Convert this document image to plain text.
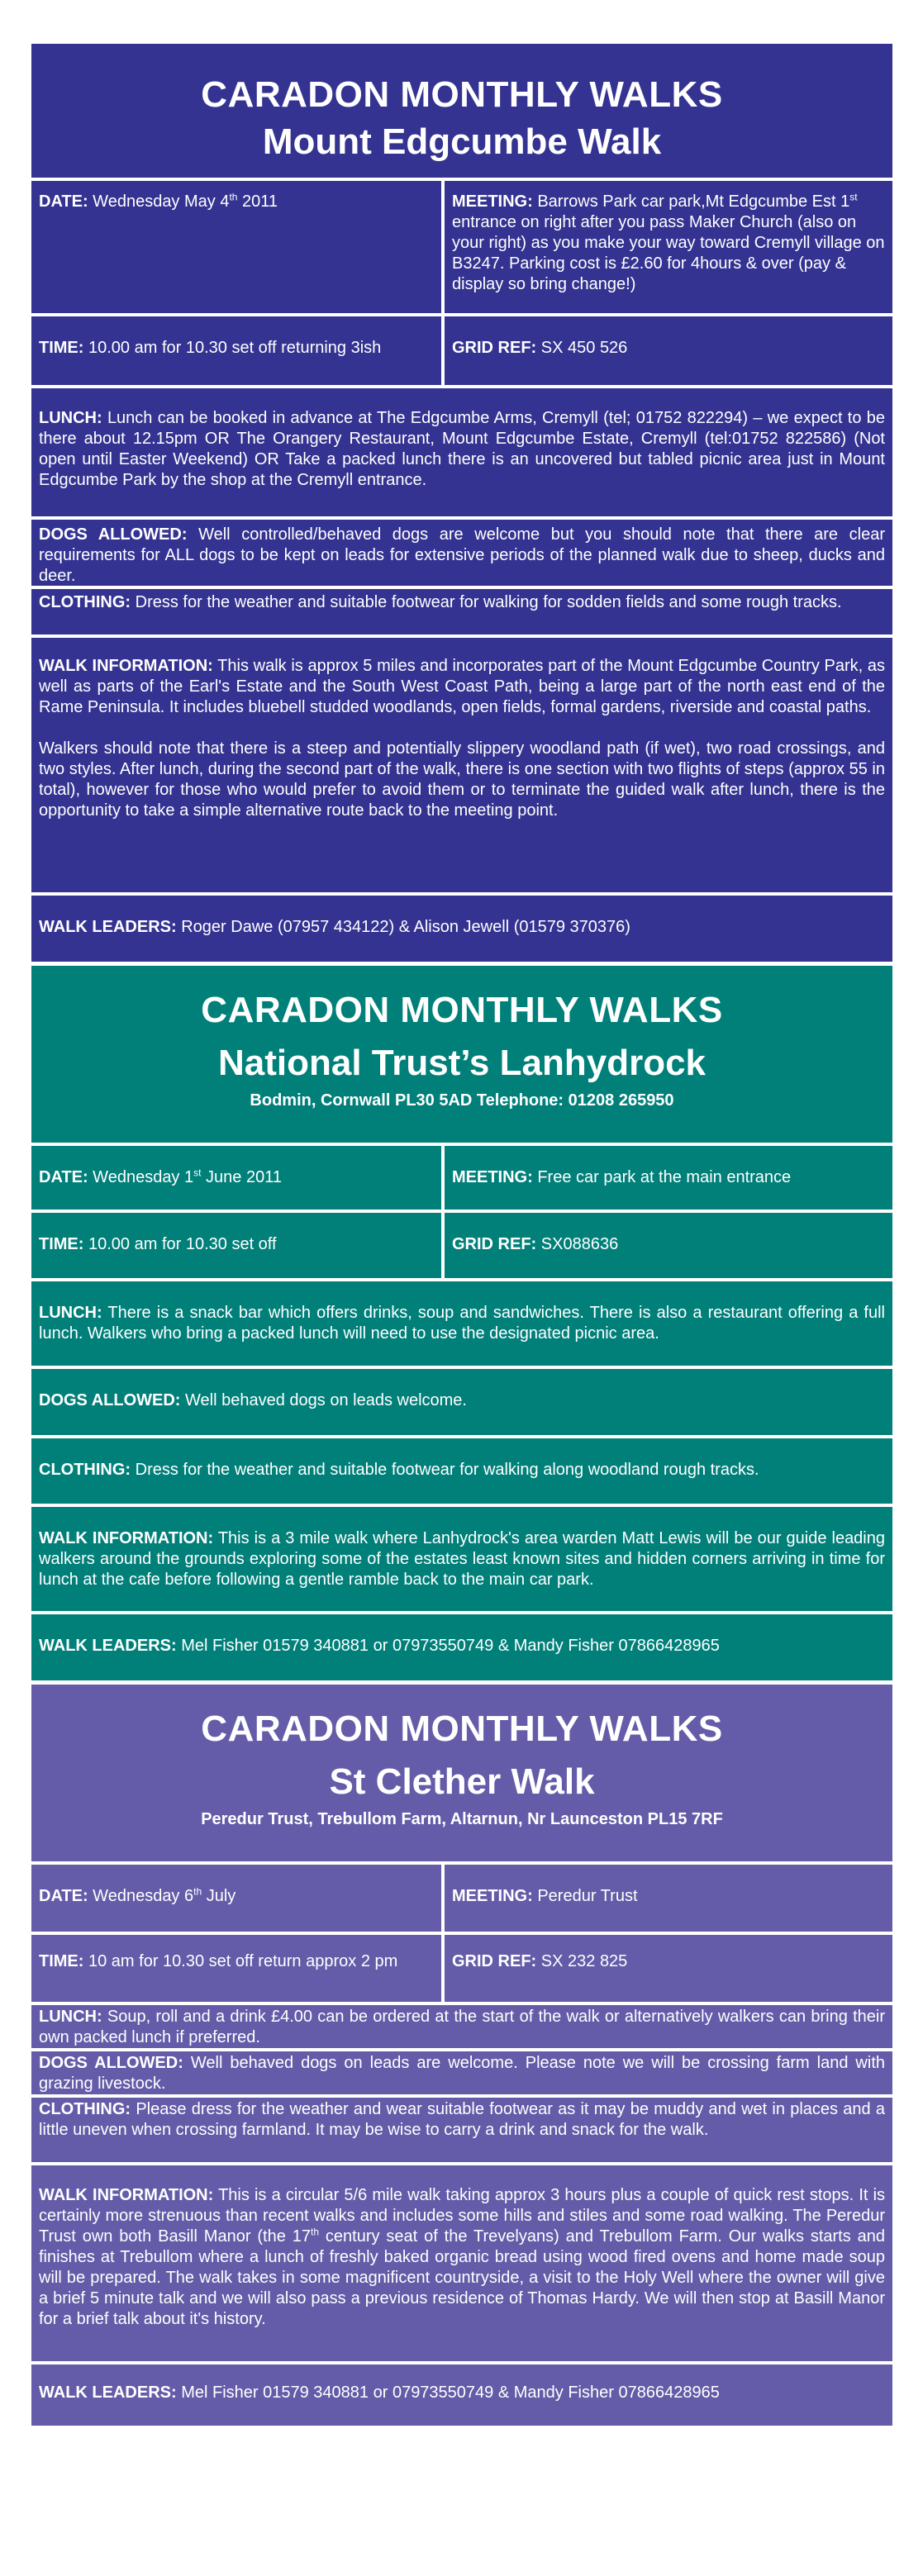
CARADON MONTHLY WALKS
Mount Edgcumbe Walk
DATE: Wednesday May 4th 2011	MEETING: Barrows Park car park,Mt Edgcumbe Est 1st entrance on right after you pass Maker Church (also on your right) as you make your way toward Cremyll village on B3247. Parking cost is £2.60 for 4hours & over (pay & display so bring change!)
TIME: 10.00 am for 10.30 set off returning 3ish	GRID REF: SX 450 526
LUNCH: Lunch can be booked in advance at The Edgcumbe Arms, Cremyll (tel; 01752 822294) – we expect to be there about 12.15pm OR The Orangery Restaurant, Mount Edgcumbe Estate, Cremyll (tel:01752 822586) (Not open until Easter Weekend) OR Take a packed lunch there is an uncovered but tabled picnic area just in Mount Edgcumbe Park by the shop at the Cremyll entrance.
DOGS ALLOWED: Well controlled/behaved dogs are welcome but you should note that there are clear requirements for ALL dogs to be kept on leads for extensive periods of the planned walk due to sheep, ducks and deer.
CLOTHING: Dress for the weather and suitable footwear for walking for sodden fields and some rough tracks.
WALK INFORMATION: This walk is approx 5 miles and incorporates part of the Mount Edgcumbe Country Park, as well as parts of the Earl's Estate and the South West Coast Path, being a large part of the north east end of the Rame Peninsula. It includes bluebell studded woodlands, open fields, formal gardens, riverside and coastal paths.
Walkers should note that there is a steep and potentially slippery woodland path (if wet), two road crossings, and two styles. After lunch, during the second part of the walk, there is one section with two flights of steps (approx 55 in total), however for those who would prefer to avoid them or to terminate the guided walk after lunch, there is the opportunity to take a simple alternative route back to the meeting point.
WALK LEADERS: Roger Dawe (07957 434122) & Alison Jewell (01579 370376)
CARADON MONTHLY WALKS
National Trust’s Lanhydrock
Bodmin, Cornwall PL30 5AD Telephone: 01208 265950
DATE: Wednesday 1st June 2011	MEETING: Free car park at the main entrance
TIME: 10.00 am for 10.30 set off	GRID REF: SX088636
LUNCH: There is a snack bar which offers drinks, soup and sandwiches. There is also a restaurant offering a full lunch. Walkers who bring a packed lunch will need to use the designated picnic area.
DOGS ALLOWED: Well behaved dogs on leads welcome.
CLOTHING: Dress for the weather and suitable footwear for walking along woodland rough tracks.
WALK INFORMATION: This is a 3 mile walk where Lanhydrock's area warden Matt Lewis will be our guide leading walkers around the grounds exploring some of the estates least known sites and hidden corners arriving in time for lunch at the cafe before following a gentle ramble back to the main car park.
WALK LEADERS: Mel Fisher 01579 340881 or 07973550749 & Mandy Fisher 07866428965
CARADON MONTHLY WALKS
St Clether Walk
Peredur Trust, Trebullom Farm, Altarnun, Nr Launceston PL15 7RF
DATE: Wednesday 6th July	MEETING: Peredur Trust
TIME: 10 am for 10.30 set off return approx 2 pm	GRID REF: SX 232 825
LUNCH: Soup, roll and a drink £4.00 can be ordered at the start of the walk or alternatively walkers can bring their own packed lunch if preferred.
DOGS ALLOWED: Well behaved dogs on leads are welcome. Please note we will be crossing farm land with grazing livestock.
CLOTHING: Please dress for the weather and wear suitable footwear as it may be muddy and wet in places and a little uneven when crossing farmland. It may be wise to carry a drink and snack for the walk.
WALK INFORMATION: This is a circular 5/6 mile walk taking approx 3 hours plus a couple of quick rest stops. It is certainly more strenuous than recent walks and includes some hills and stiles and some road walking. The Peredur Trust own both Basill Manor (the 17th century seat of the Trevelyans) and Trebullom Farm. Our walks starts and finishes at Trebullom where a lunch of freshly baked organic bread using wood fired ovens and home made soup will be prepared. The walk takes in some magnificent countryside, a visit to the Holy Well where the owner will give a brief 5 minute talk and we will also pass a previous residence of Thomas Hardy. We will then stop at Basill Manor for a brief talk about it's history.
WALK LEADERS: Mel Fisher 01579 340881 or 07973550749 & Mandy Fisher 07866428965
